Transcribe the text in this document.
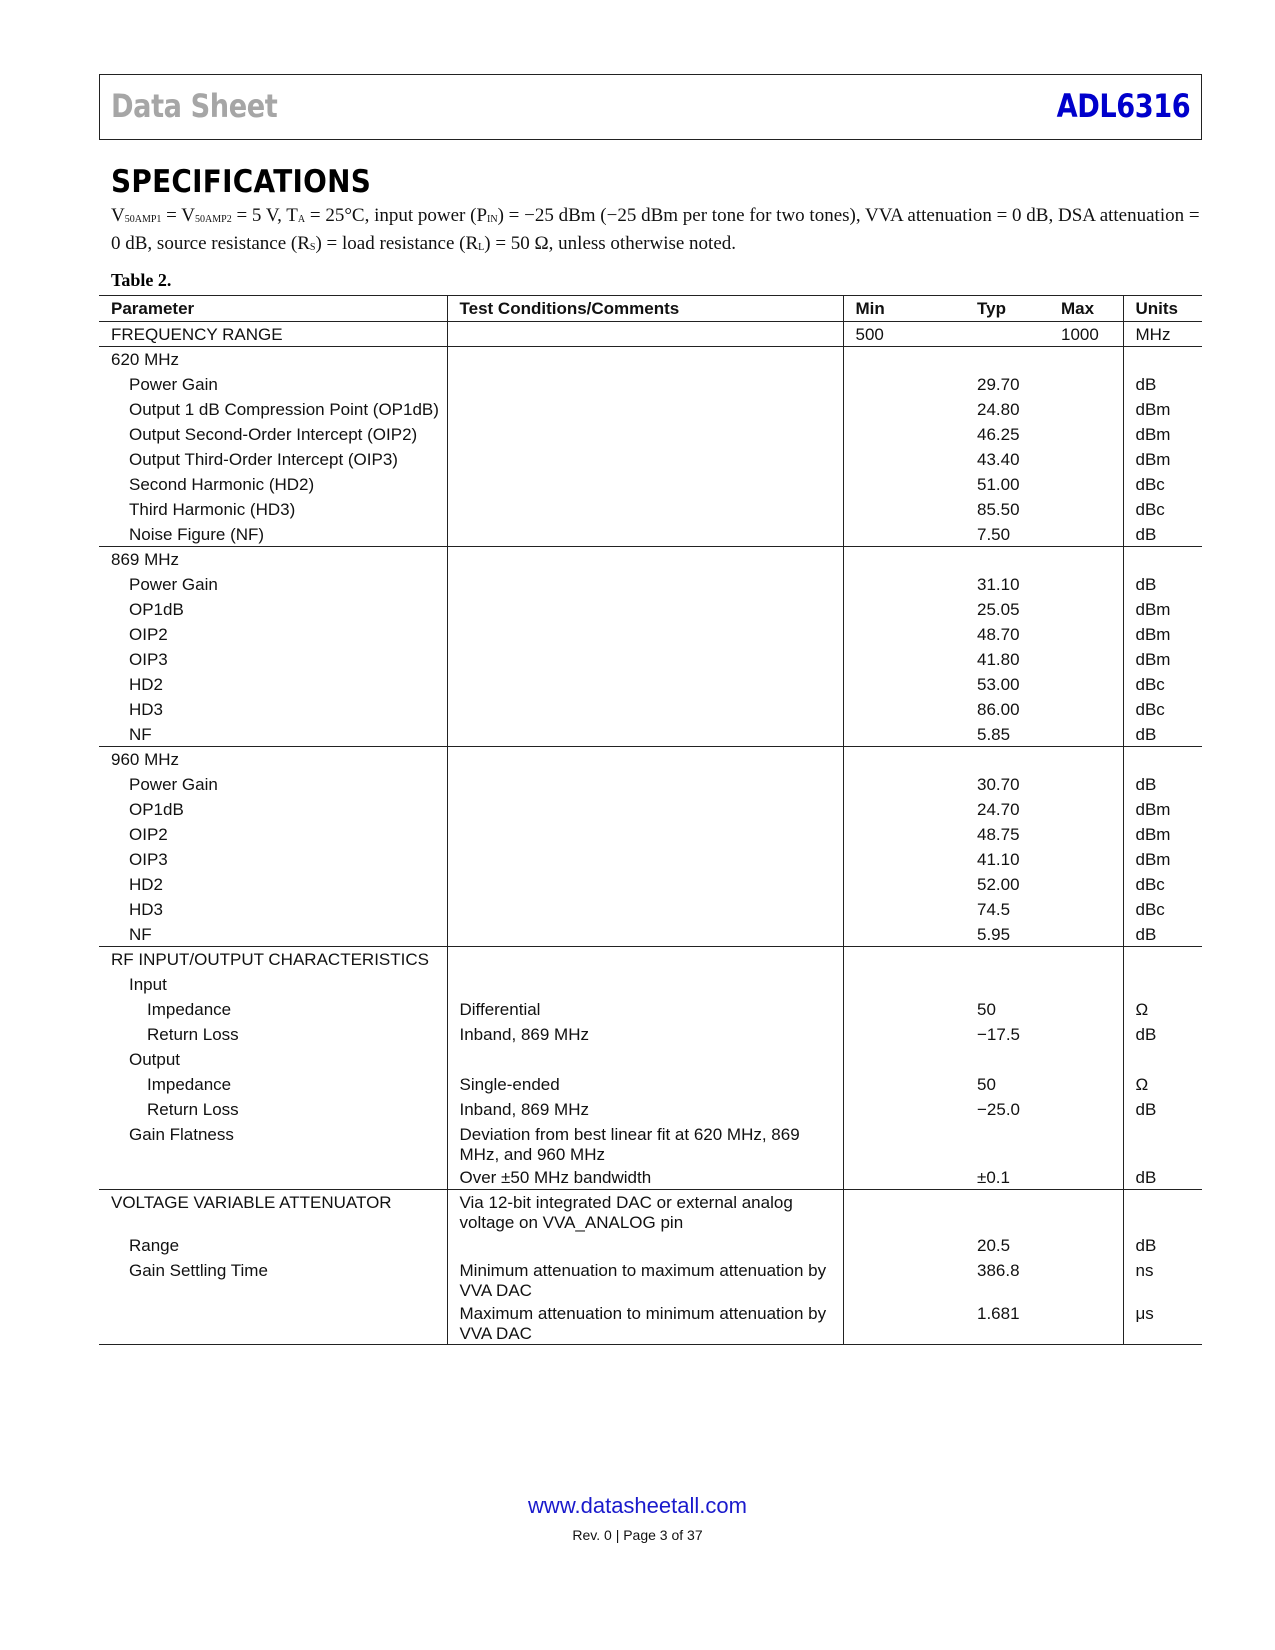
Data Sheet	ADL6316
SPECIFICATIONS

$V_{50AMP1} = V_{50AMP2} = 5$ V, $T_A = 25^\circ C$, input power $(P_{IN}) = -25$ dBm (−25 dBm per tone for two tones), VVA attenuation = 0 dB, DSA attenuation = 0 dB, source resistance $(R_S)$ = load resistance $(R_L) = 50$ Ω, unless otherwise noted.

Table 2.
Parameter	Test Conditions/Comments	Min	Typ	Max	Units
FREQUENCY RANGE		500		1000	MHz
620 MHz					
Power Gain			29.70		dB
Output 1 dB Compression Point (OP1dB)			24.80		dBm
Output Second-Order Intercept (OIP2)			46.25		dBm
Output Third-Order Intercept (OIP3)			43.40		dBm
Second Harmonic (HD2)			51.00		dBc
Third Harmonic (HD3)			85.50		dBc
Noise Figure (NF)			7.50		dB
869 MHz					
Power Gain			31.10		dB
OP1dB			25.05		dBm
OIP2			48.70		dBm
OIP3			41.80		dBm
HD2			53.00		dBc
HD3			86.00		dBc
NF			5.85		dB
960 MHz					
Power Gain			30.70		dB
OP1dB			24.70		dBm
OIP2			48.75		dBm
OIP3			41.10		dBm
HD2			52.00		dBc
HD3			74.5		dBc
NF			5.95		dB
RF INPUT/OUTPUT CHARACTERISTICS					
Input					
Impedance	Differential		50		Ω
Return Loss	Inband, 869 MHz		−17.5		dB
Output					
Impedance	Single-ended		50		Ω
Return Loss	Inband, 869 MHz		−25.0		dB
Gain Flatness	Deviation from best linear fit at 620 MHz, 869 MHz, and 960 MHz				
	Over ±50 MHz bandwidth		±0.1		dB
VOLTAGE VARIABLE ATTENUATOR	Via 12-bit integrated DAC or external analog voltage on VVA_ANALOG pin				
Range			20.5		dB
Gain Settling Time	Minimum attenuation to maximum attenuation by VVA DAC		386.8		ns
	Maximum attenuation to minimum attenuation by VVA DAC		1.681		μs
www.datasheetall.com
Rev. 0 | Page 3 of 37
